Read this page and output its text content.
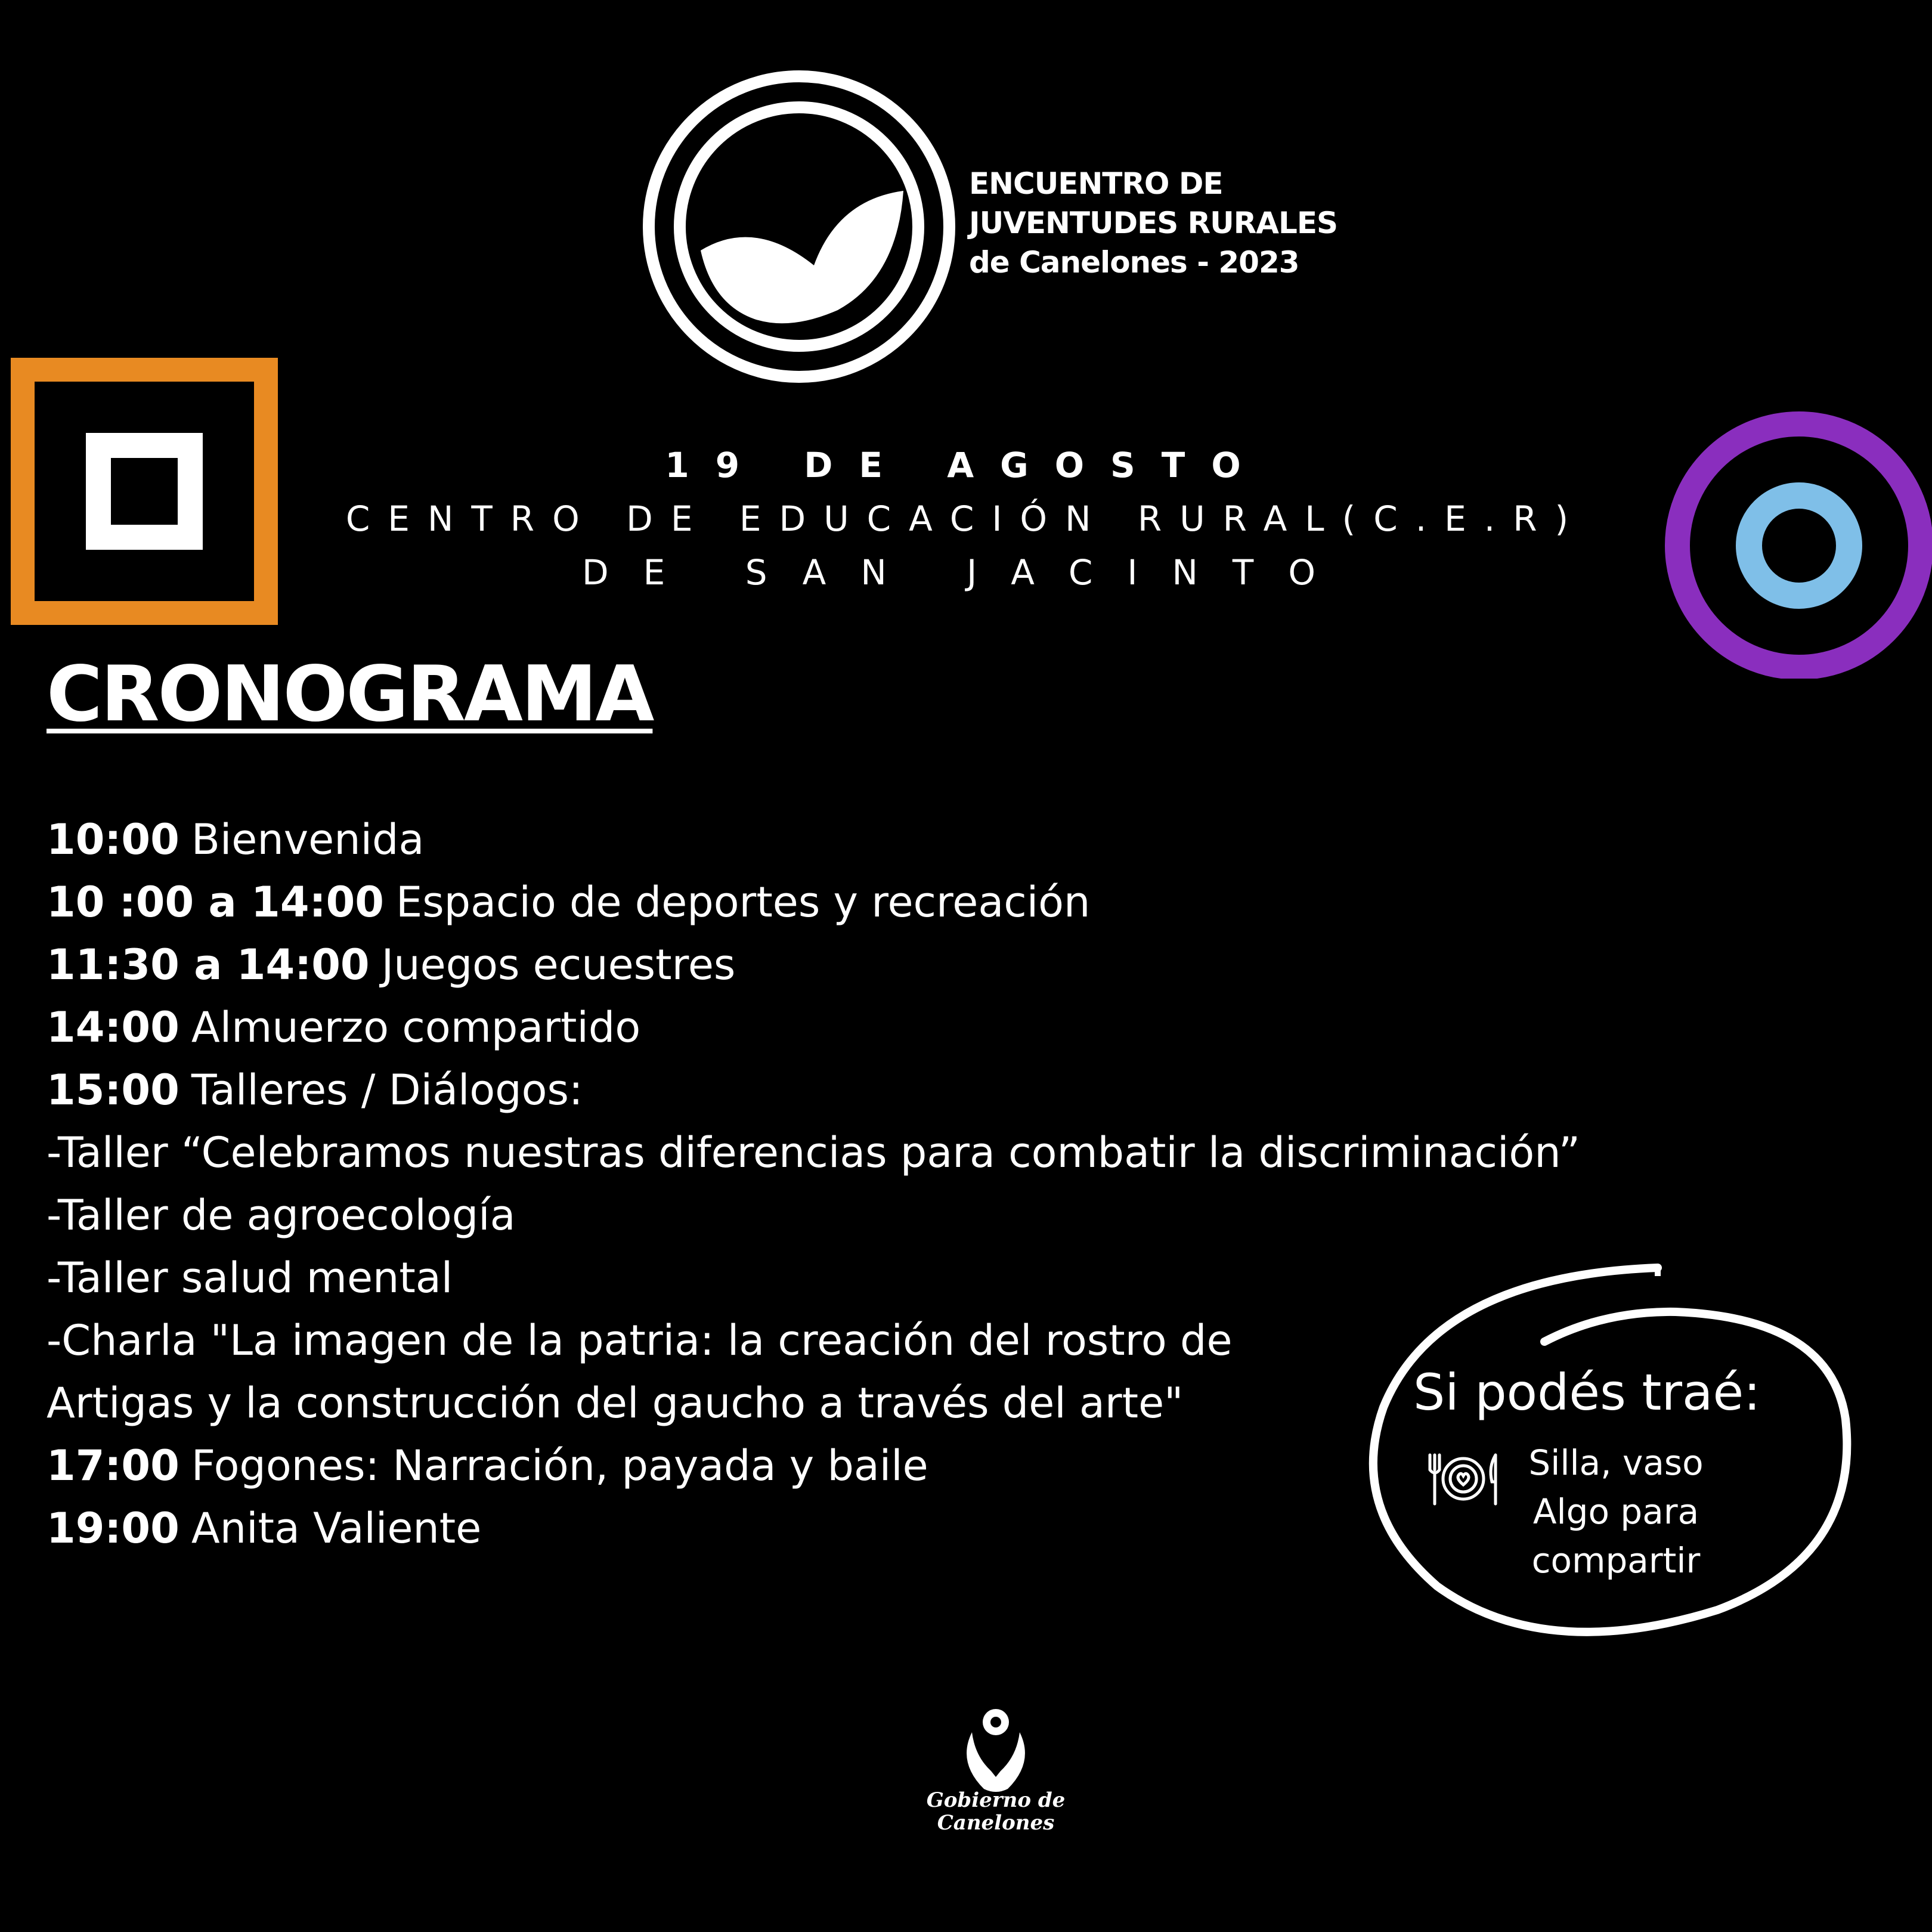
ENCUENTRO DE
JUVENTUDES RURALES
de Canelones - 2023
19 DE AGOSTO
CENTRO DE EDUCACIÓN RURAL(C.E.R)
DE SAN JACINTO
CRONOGRAMA
10:00 Bienvenida
10 :00 a 14:00 Espacio de deportes y recreación
11:30 a 14:00 Juegos ecuestres
14:00 Almuerzo compartido
15:00 Talleres / Diálogos:
-Taller “Celebramos nuestras diferencias para combatir la discriminación”
-Taller de agroecología
-Taller salud mental
-Charla "La imagen de la patria: la creación del rostro de
Artigas y la construcción del gaucho a través del arte"
17:00 Fogones: Narración, payada y baile
19:00 Anita Valiente
Si podés traé:
Silla, vaso
Algo para
compartir
Gobierno de
Canelones
